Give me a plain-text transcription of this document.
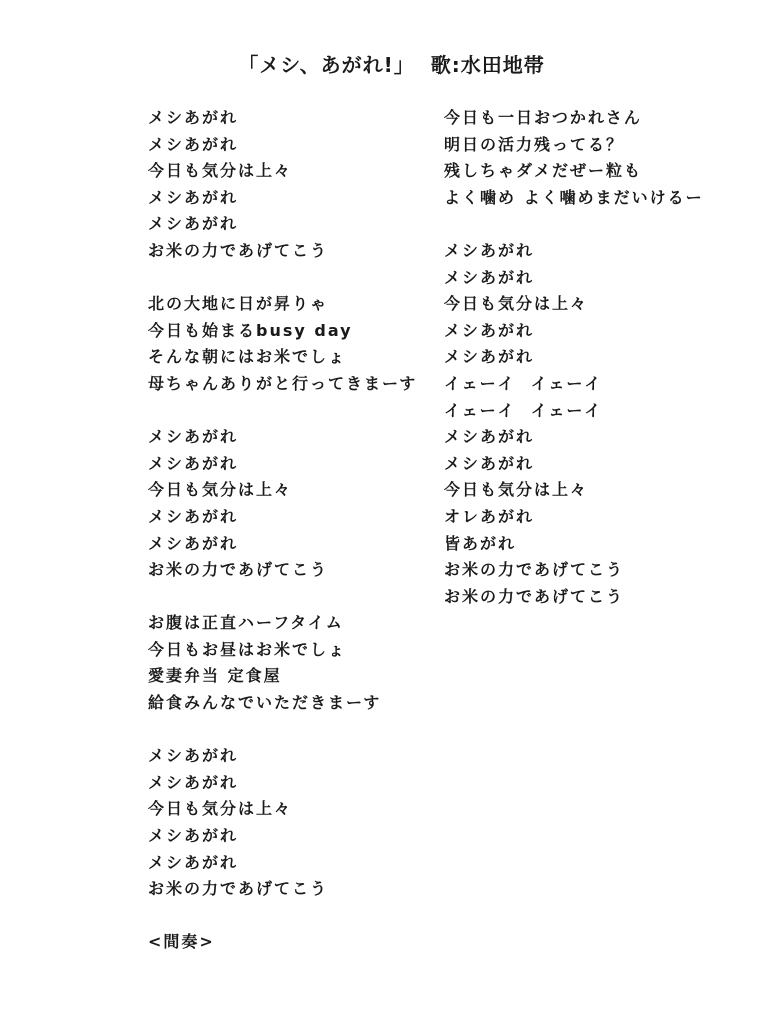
「メシ、あがれ!」  歌:水田地帯
メシあがれ
メシあがれ
今日も気分は上々
メシあがれ
メシあがれ
お米の力であげてこう
北の大地に日が昇りゃ
今日も始まるbusy day
そんな朝にはお米でしょ
母ちゃんありがと行ってきまーす
メシあがれ
メシあがれ
今日も気分は上々
メシあがれ
メシあがれ
お米の力であげてこう
お腹は正直ハーフタイム
今日もお昼はお米でしょ
愛妻弁当 定食屋
給食みんなでいただきまーす
メシあがれ
メシあがれ
今日も気分は上々
メシあがれ
メシあがれ
お米の力であげてこう
<間奏>
今日も一日おつかれさん
明日の活力残ってる？
残しちゃダメだぜー粒も
よく噛め よく噛めまだいけるー
メシあがれ
メシあがれ
今日も気分は上々
メシあがれ
メシあがれ
イェーイ  イェーイ
イェーイ  イェーイ
メシあがれ
メシあがれ
今日も気分は上々
オレあがれ
皆あがれ
お米の力であげてこう
お米の力であげてこう
